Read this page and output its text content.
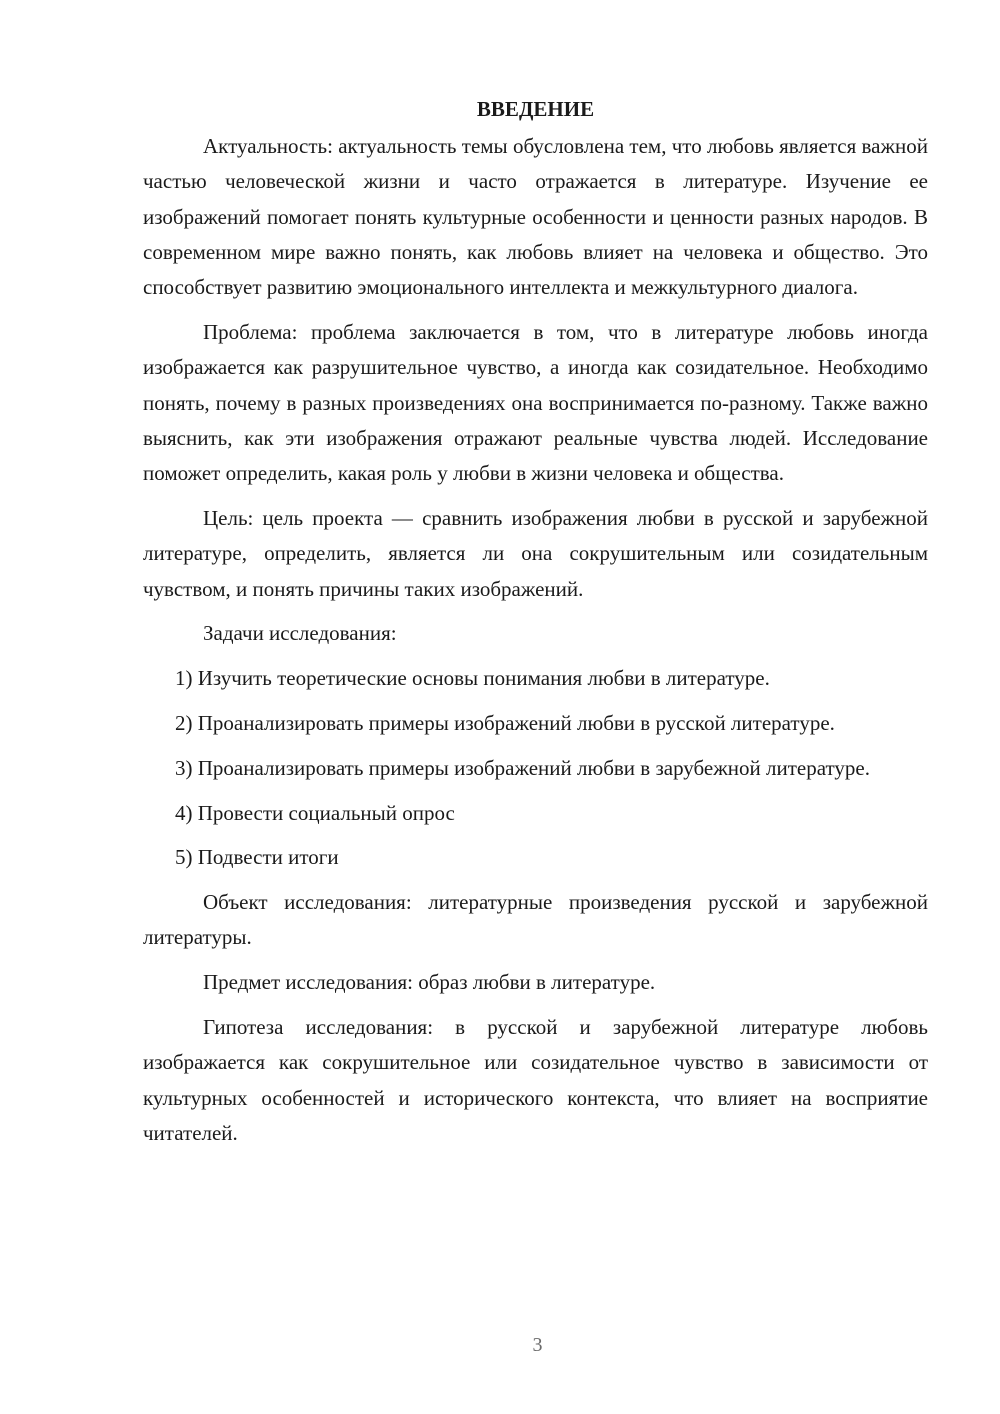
ВВЕДЕНИЕ

Актуальность: актуальность темы обусловлена тем, что любовь является важной частью человеческой жизни и часто отражается в литературе. Изучение ее изображений помогает понять культурные особенности и ценности разных народов. В современном мире важно понять, как любовь влияет на человека и общество. Это способствует развитию эмоционального интеллекта и межкультурного диалога.

Проблема: проблема заключается в том, что в литературе любовь иногда изображается как разрушительное чувство, а иногда как созидательное. Необходимо понять, почему в разных произведениях она воспринимается по-разному. Также важно выяснить, как эти изображения отражают реальные чувства людей. Исследование поможет определить, какая роль у любви в жизни человека и общества.

Цель: цель проекта — сравнить изображения любви в русской и зарубежной литературе, определить, является ли она сокрушительным или созидательным чувством, и понять причины таких изображений.

Задачи исследования:

1) Изучить теоретические основы понимания любви в литературе.

2) Проанализировать примеры изображений любви в русской литературе.

3) Проанализировать примеры изображений любви в зарубежной литературе.

4) Провести социальный опрос

5) Подвести итоги

Объект исследования: литературные произведения русской и зарубежной литературы.

Предмет исследования: образ любви в литературе.

Гипотеза исследования: в русской и зарубежной литературе любовь изображается как сокрушительное или созидательное чувство в зависимости от культурных особенностей и исторического контекста, что влияет на восприятие читателей.

3
